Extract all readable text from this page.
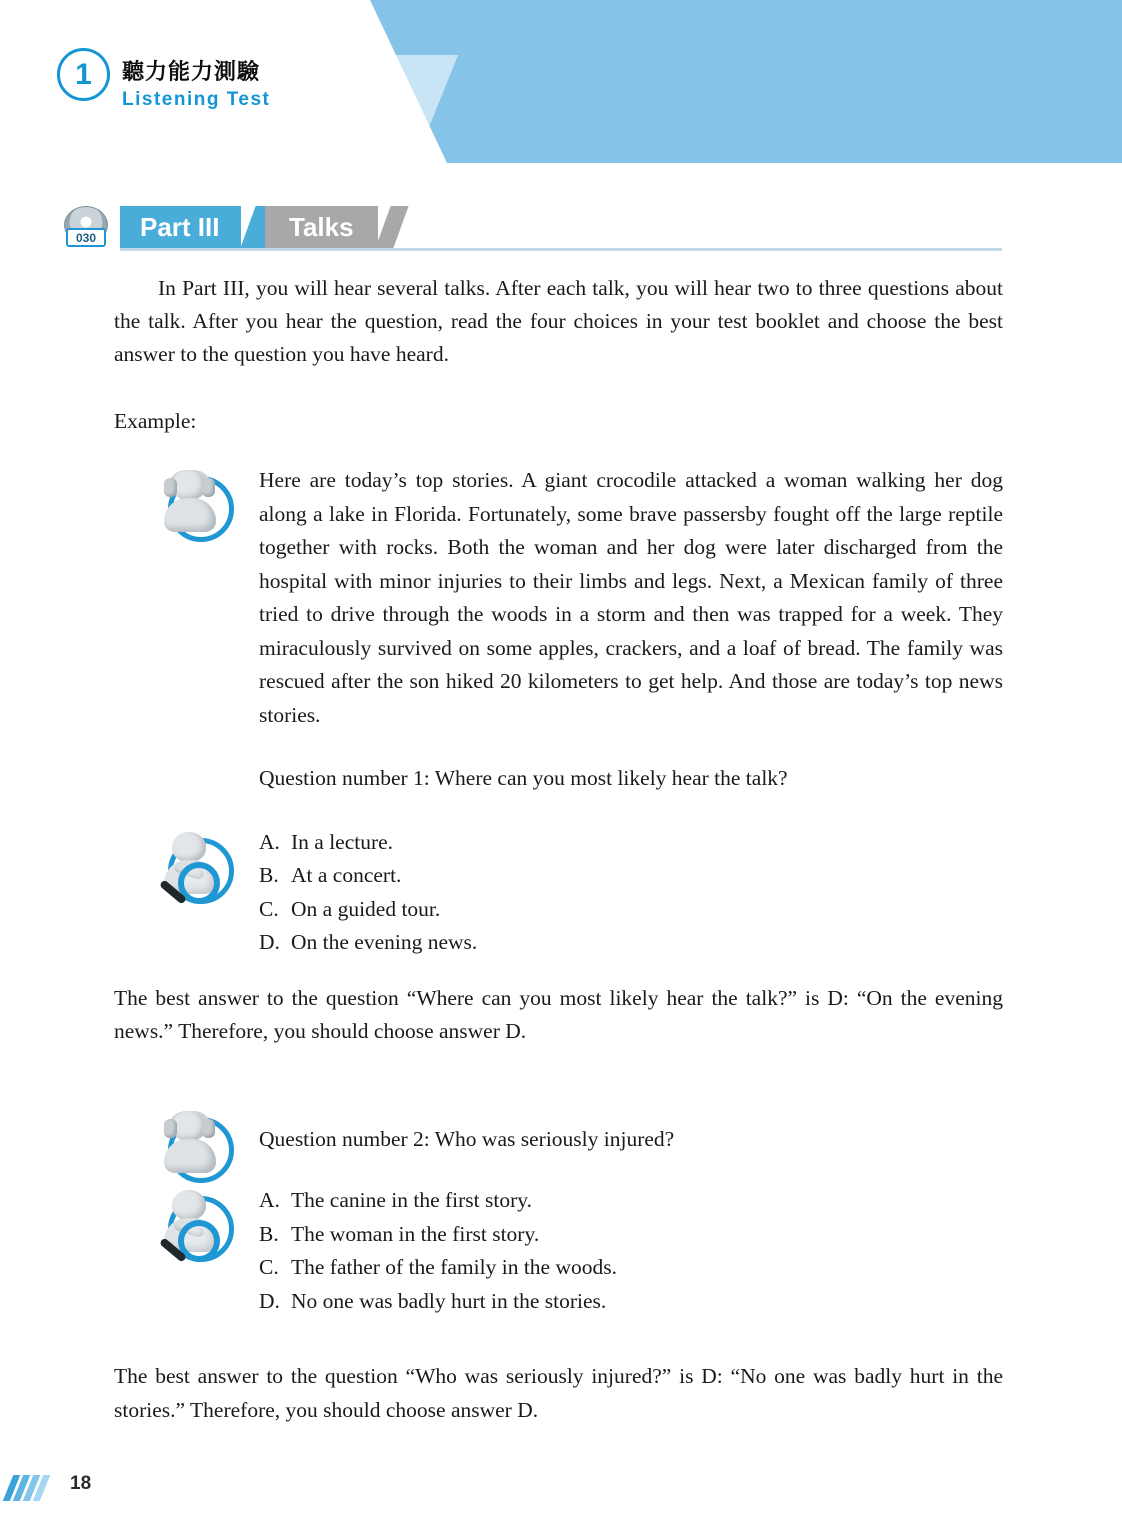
1	聽力能力測驗
Listening Test
030	Part III	Talks

In Part III, you will hear several talks. After each talk, you will hear two to three questions about the talk. After you hear the question, read the four choices in your test booklet and choose the best answer to the question you have heard.

Example:

Here are today’s top stories. A giant crocodile attacked a woman walking her dog along a lake in Florida. Fortunately, some brave passersby fought off the large reptile together with rocks. Both the woman and her dog were later discharged from the hospital with minor injuries to their limbs and legs. Next, a Mexican family of three tried to drive through the woods in a storm and then was trapped for a week. They miraculously survived on some apples, crackers, and a loaf of bread. The family was rescued after the son hiked 20 kilometers to get help. And those are today’s top news stories.

Question number 1: Where can you most likely hear the talk?

A. In a lecture.
B. At a concert.
C. On a guided tour.
D. On the evening news.

The best answer to the question “Where can you most likely hear the talk?” is D: “On the evening news.” Therefore, you should choose answer D.

Question number 2: Who was seriously injured?

A. The canine in the first story.
B. The woman in the first story.
C. The father of the family in the woods.
D. No one was badly hurt in the stories.

The best answer to the question “Who was seriously injured?” is D: “No one was badly hurt in the stories.” Therefore, you should choose answer D.

18
